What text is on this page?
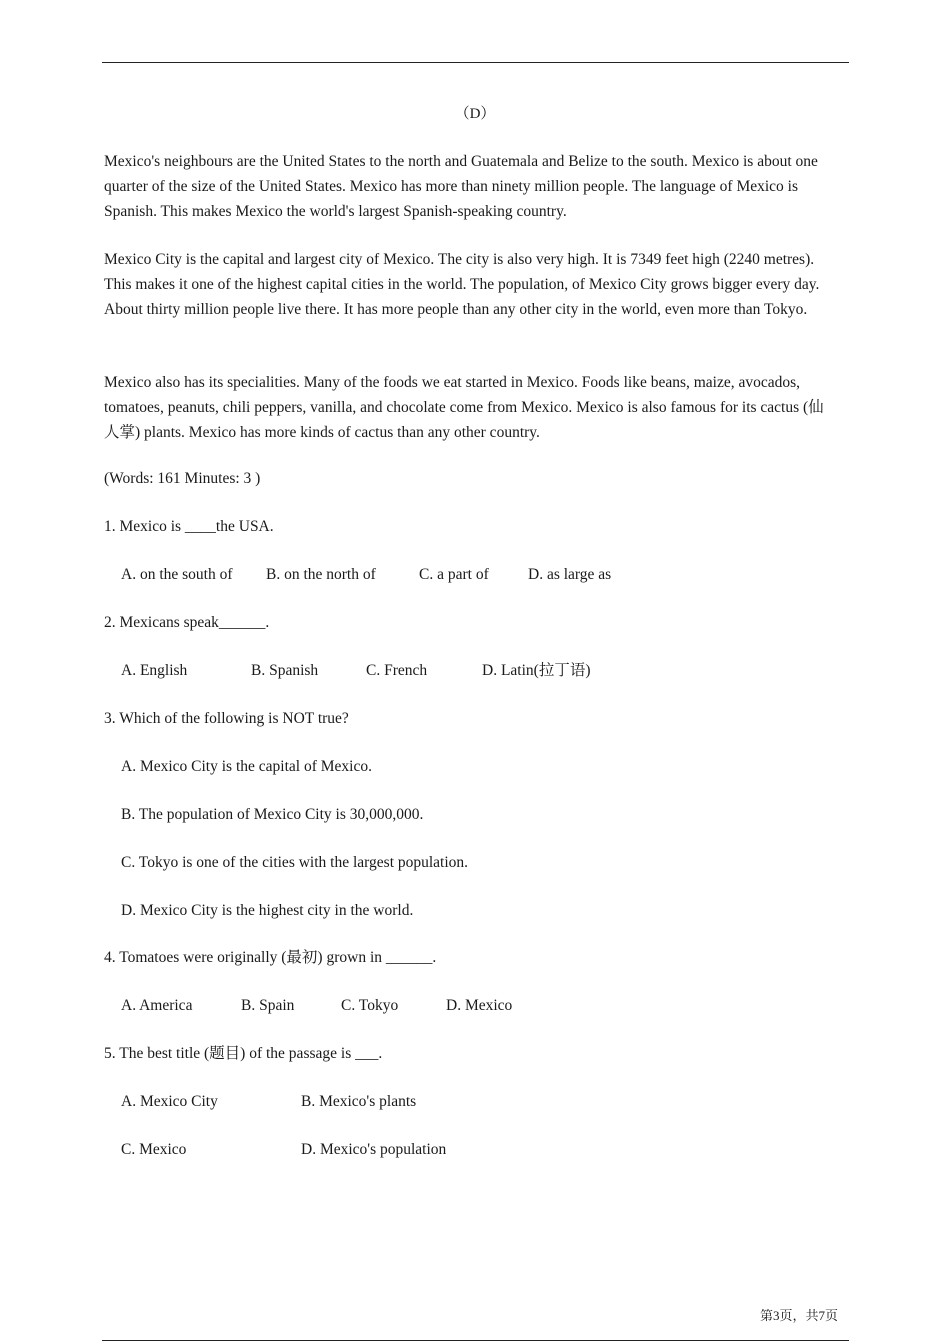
（D）

Mexico's neighbours are the United States to the north and Guatemala and Belize to the south. Mexico is about one quarter of the size of the United States. Mexico has more than ninety million people. The language of Mexico is Spanish. This makes Mexico the world's largest Spanish-speaking country.

Mexico City is the capital and largest city of Mexico. The city is also very high. It is 7349 feet high (2240 metres). This makes it one of the highest capital cities in the world. The population, of Mexico City grows bigger every day. About thirty million people live there. It has more people than any other city in the world, even more than Tokyo.

Mexico also has its specialities. Many of the foods we eat started in Mexico. Foods like beans, maize, avocados, tomatoes, peanuts, chili peppers, vanilla, and chocolate come from Mexico. Mexico is also famous for its cactus (仙人掌) plants. Mexico has more kinds of cactus than any other country.

(Words: 161 Minutes: 3 )
1. Mexico is ____the USA.
A. on the south of B. on the north of	C. a part of	D. as large as
2. Mexicans speak______.
A. English	B. Spanish	C. French	D. Latin(拉丁语)
3. Which of the following is NOT true?
A. Mexico City is the capital of Mexico.
B. The population of Mexico City is 30,000,000.
C. Tokyo is one of the cities with the largest population.
D. Mexico City is the highest city in the world.
4. Tomatoes were originally (最初) grown in ______.
A. America	B. Spain	C. Tokyo	D. Mexico
5. The best title (题目) of the passage is ___.
A. Mexico City	B. Mexico's plants
C. Mexico	D. Mexico's population
第3页，共7页
